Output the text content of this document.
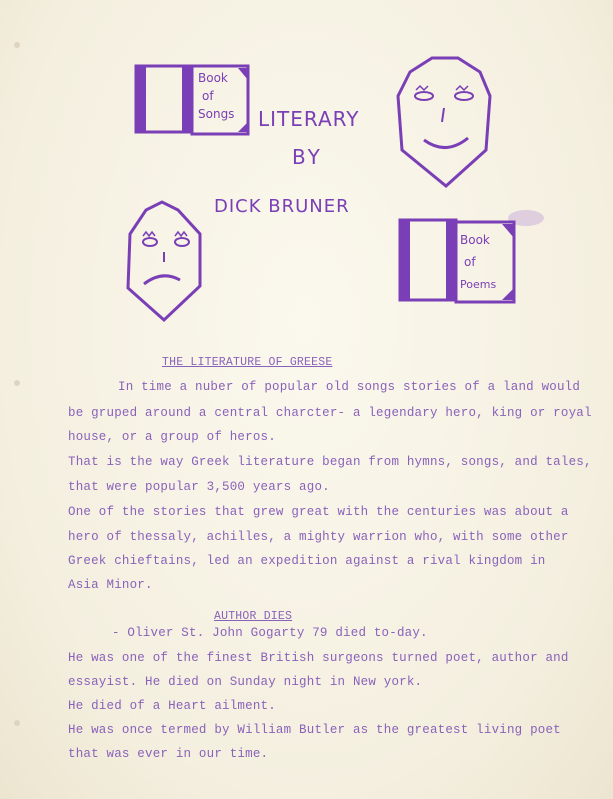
Book
of
Songs
Book
of
Poems
LITERARY
BY
DICK BRUNER
THE LITERATURE OF GREESE
In time a nuber of popular old songs stories of a land would
be gruped around a central charcter- a legendary hero, king or royal
house, or a group of heros.
That is the way Greek literature began from hymns, songs, and tales,
that were popular 3,500 years ago.
One of the stories that grew great with the centuries was about a
hero of thessaly, achilles, a mighty warrion who, with some other
Greek chieftains, led an expedition against a rival kingdom in
Asia Minor.
AUTHOR DIES
- Oliver St. John Gogarty 79 died to-day.
He was one of the finest British surgeons turned poet, author and
essayist. He died on Sunday night in New york.
He died of a Heart ailment.
He was once termed by William Butler as the greatest living poet
that was ever in our time.
